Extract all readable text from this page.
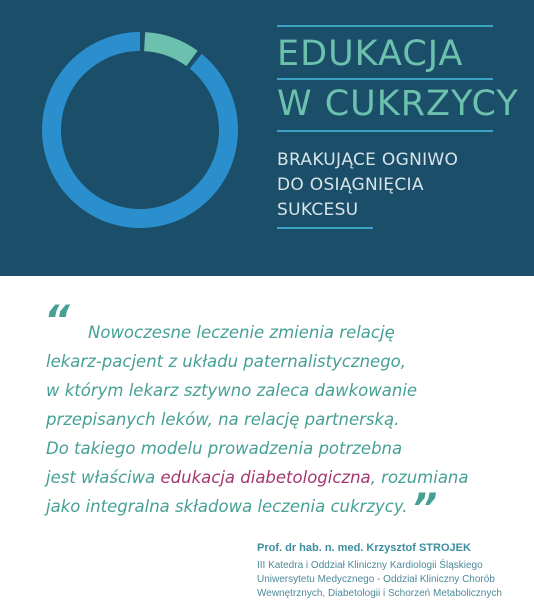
EDUKACJA
W CUKRZYCY
BRAKUJĄCE OGNIWO
DO OSIĄGNIĘCIA
SUKCESU
“	Nowoczesne leczenie zmienia relację
lekarz-pacjent z układu paternalistycznego,
w którym lekarz sztywno zaleca dawkowanie
przepisanych leków, na relację partnerską.
Do takiego modelu prowadzenia potrzebna
jest właściwa edukacja diabetologiczna, rozumiana
jako integralna składowa leczenia cukrzycy. ”

Prof. dr hab. n. med. Krzysztof STROJEK
III Katedra i Oddział Kliniczny Kardiologii Śląskiego
Uniwersytetu Medycznego - Oddział Kliniczny Chorób
Wewnętrznych, Diabetologii i Schorzeń Metabolicznych
